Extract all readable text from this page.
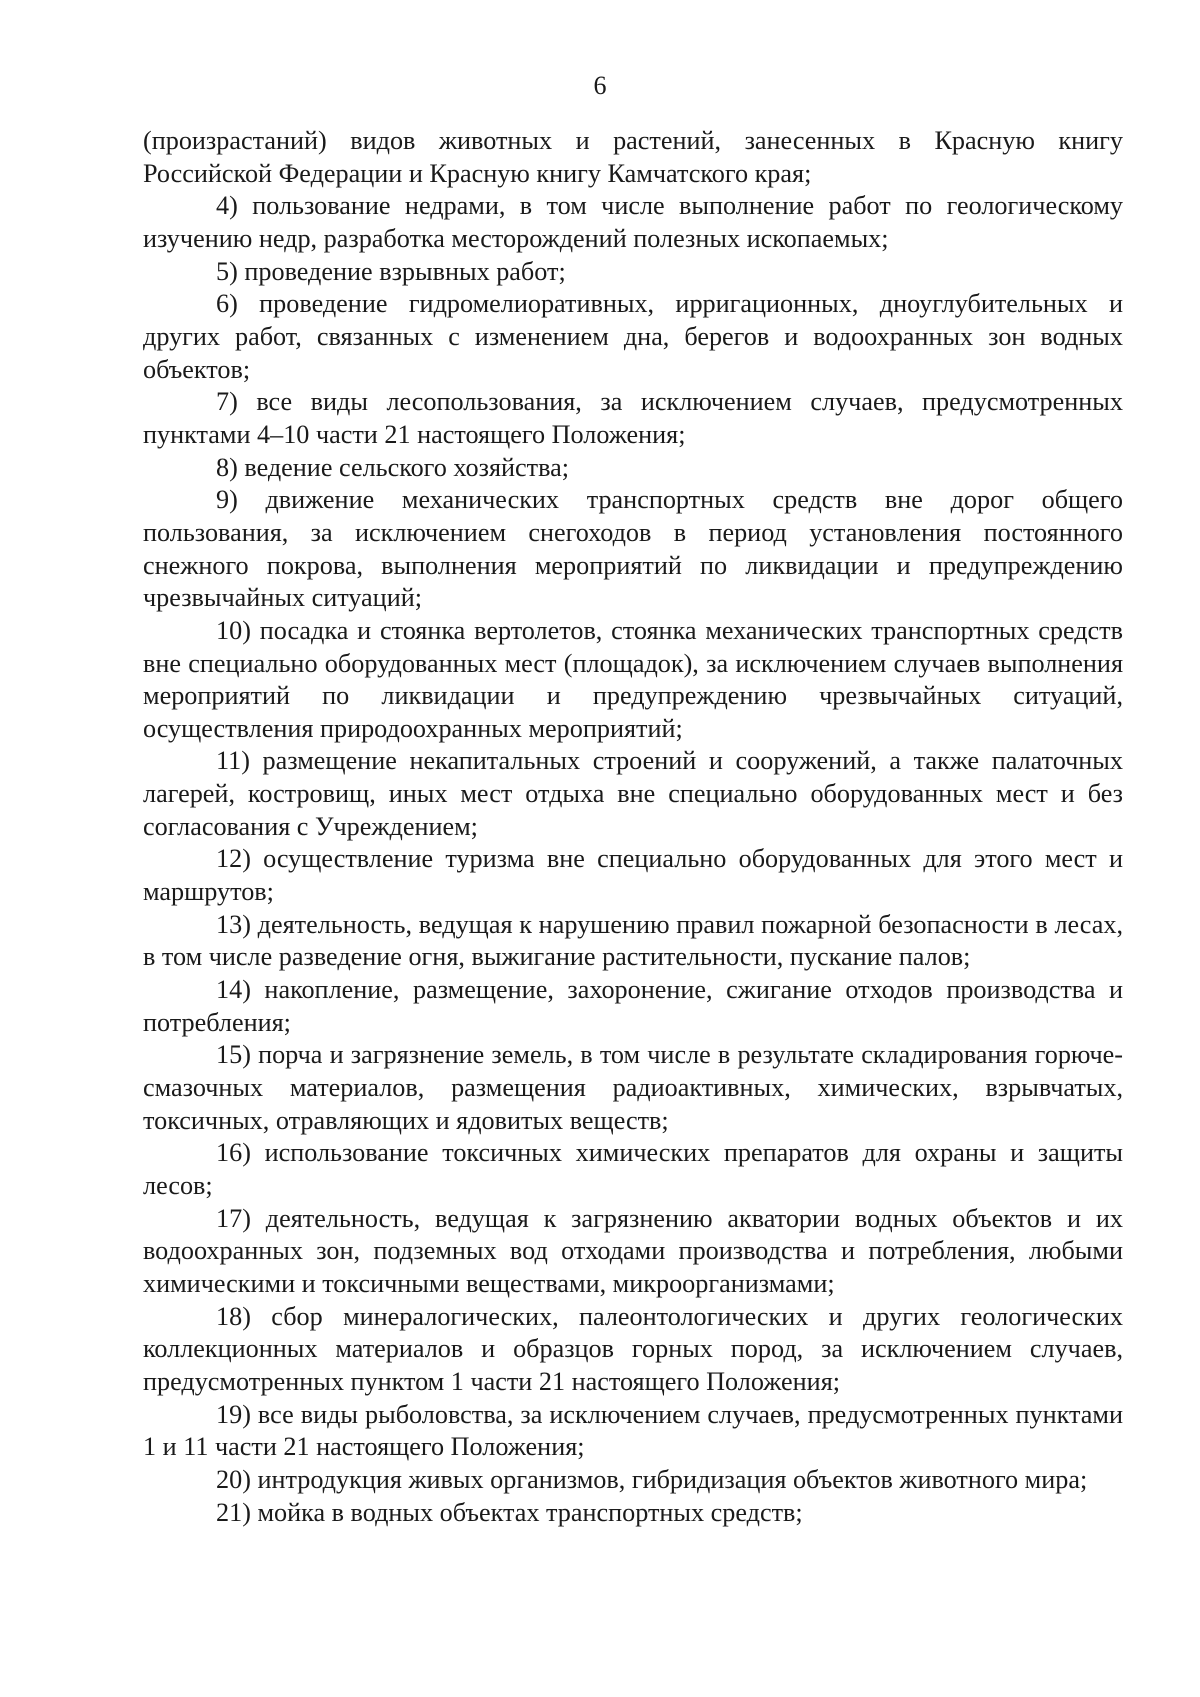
6

(произрастаний) видов животных и растений, занесенных в Красную книгу Российской Федерации и Красную книгу Камчатского края;

4) пользование недрами, в том числе выполнение работ по геологическому изучению недр, разработка месторождений полезных ископаемых;

5) проведение взрывных работ;

6) проведение гидромелиоративных, ирригационных, дноуглубительных и других работ, связанных с изменением дна, берегов и водоохранных зон водных объектов;

7) все виды лесопользования, за исключением случаев, предусмотренных пунктами 4–10 части 21 настоящего Положения;

8) ведение сельского хозяйства;

9) движение механических транспортных средств вне дорог общего пользования, за исключением снегоходов в период установления постоянного снежного покрова, выполнения мероприятий по ликвидации и предупреждению чрезвычайных ситуаций;

10) посадка и стоянка вертолетов, стоянка механических транспортных средств вне специально оборудованных мест (площадок), за исключением случаев выполнения мероприятий по ликвидации и предупреждению чрезвычайных ситуаций, осуществления природоохранных мероприятий;

11) размещение некапитальных строений и сооружений, а также палаточных лагерей, костровищ, иных мест отдыха вне специально оборудованных мест и без согласования с Учреждением;

12) осуществление туризма вне специально оборудованных для этого мест и маршрутов;

13) деятельность, ведущая к нарушению правил пожарной безопасности в лесах, в том числе разведение огня, выжигание растительности, пускание палов;

14) накопление, размещение, захоронение, сжигание отходов производства и потребления;

15) порча и загрязнение земель, в том числе в результате складирования горюче-смазочных материалов, размещения радиоактивных, химических, взрывчатых, токсичных, отравляющих и ядовитых веществ;

16) использование токсичных химических препаратов для охраны и защиты лесов;

17) деятельность, ведущая к загрязнению акватории водных объектов и их водоохранных зон, подземных вод отходами производства и потребления, любыми химическими и токсичными веществами, микроорганизмами;

18) сбор минералогических, палеонтологических и других геологических коллекционных материалов и образцов горных пород, за исключением случаев, предусмотренных пунктом 1 части 21 настоящего Положения;

19) все виды рыболовства, за исключением случаев, предусмотренных пунктами 1 и 11 части 21 настоящего Положения;

20) интродукция живых организмов, гибридизация объектов животного мира;

21) мойка в водных объектах транспортных средств;
